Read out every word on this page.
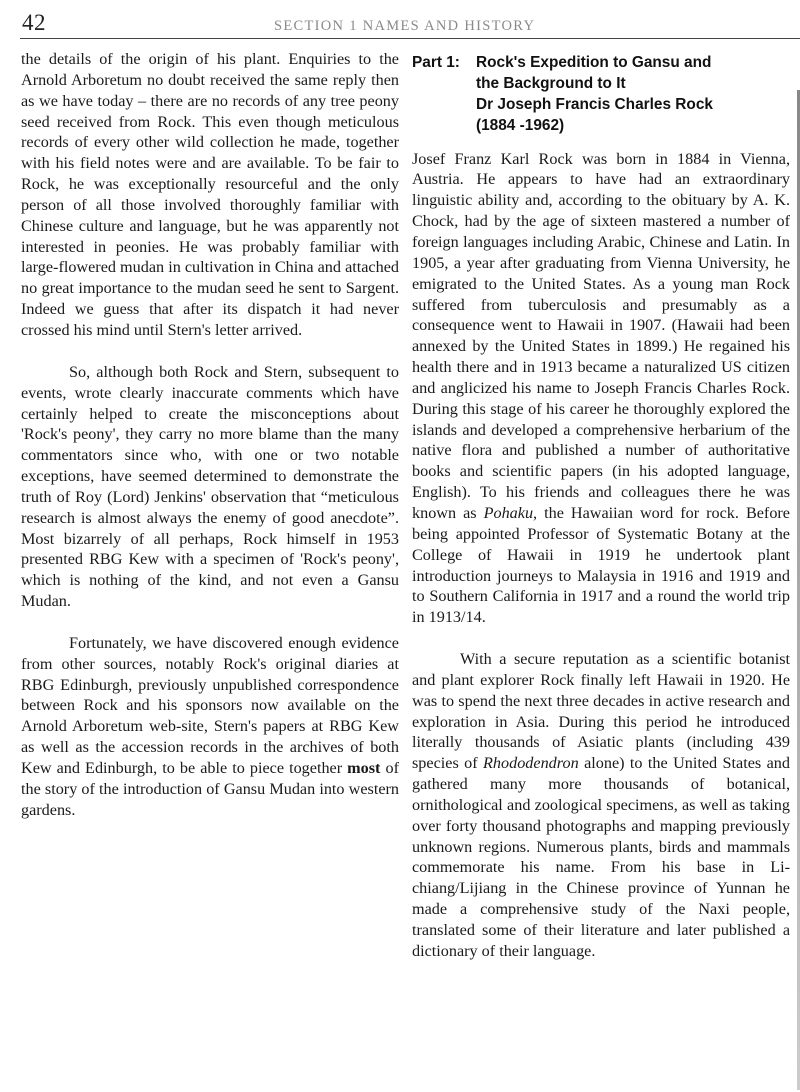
42	SECTION 1 NAMES AND HISTORY

the details of the origin of his plant. Enquiries to the Arnold Arboretum no doubt received the same reply then as we have today – there are no records of any tree peony seed received from Rock. This even though meticulous records of every other wild collection he made, together with his field notes were and are available. To be fair to Rock, he was exceptionally resourceful and the only person of all those involved thoroughly familiar with Chinese culture and language, but he was apparently not interested in peonies. He was probably familiar with large-flowered mudan in cultivation in China and attached no great importance to the mudan seed he sent to Sargent. Indeed we guess that after its dispatch it had never crossed his mind until Stern's letter arrived.

So, although both Rock and Stern, subsequent to events, wrote clearly inaccurate comments which have certainly helped to create the misconceptions about 'Rock's peony', they carry no more blame than the many commentators since who, with one or two notable exceptions, have seemed determined to demonstrate the truth of Roy (Lord) Jenkins' observation that “meticulous research is almost always the enemy of good anecdote”. Most bizarrely of all perhaps, Rock himself in 1953 presented RBG Kew with a specimen of 'Rock's peony', which is nothing of the kind, and not even a Gansu Mudan.

Fortunately, we have discovered enough evidence from other sources, notably Rock's original diaries at RBG Edinburgh, previously unpublished correspondence between Rock and his sponsors now available on the Arnold Arboretum web-site, Stern's papers at RBG Kew as well as the accession records in the archives of both Kew and Edinburgh, to be able to piece together most of the story of the introduction of Gansu Mudan into western gardens.

Part 1:	Rock's Expedition to Gansu and
the Background to It
Dr Joseph Francis Charles Rock
(1884 -1962)

Josef Franz Karl Rock was born in 1884 in Vienna, Austria. He appears to have had an extraordinary linguistic ability and, according to the obituary by A. K. Chock, had by the age of sixteen mastered a number of foreign languages including Arabic, Chinese and Latin. In 1905, a year after graduating from Vienna University, he emigrated to the United States. As a young man Rock suffered from tuberculosis and presumably as a consequence went to Hawaii in 1907. (Hawaii had been annexed by the United States in 1899.) He regained his health there and in 1913 became a naturalized US citizen and anglicized his name to Joseph Francis Charles Rock. During this stage of his career he thoroughly explored the islands and developed a comprehensive herbarium of the native flora and published a number of authoritative books and scientific papers (in his adopted language, English). To his friends and colleagues there he was known as Pohaku, the Hawaiian word for rock. Before being appointed Professor of Systematic Botany at the College of Hawaii in 1919 he undertook plant introduction journeys to Malaysia in 1916 and 1919 and to Southern California in 1917 and a round the world trip in 1913/14.

With a secure reputation as a scientific botanist and plant explorer Rock finally left Hawaii in 1920. He was to spend the next three decades in active research and exploration in Asia. During this period he introduced literally thousands of Asiatic plants (including 439 species of Rhododendron alone) to the United States and gathered many more thousands of botanical, ornithological and zoological specimens, as well as taking over forty thousand photographs and mapping previously unknown regions. Numerous plants, birds and mammals commemorate his name. From his base in Li-chiang/Lijiang in the Chinese province of Yunnan he made a comprehensive study of the Naxi people, translated some of their literature and later published a dictionary of their language.
